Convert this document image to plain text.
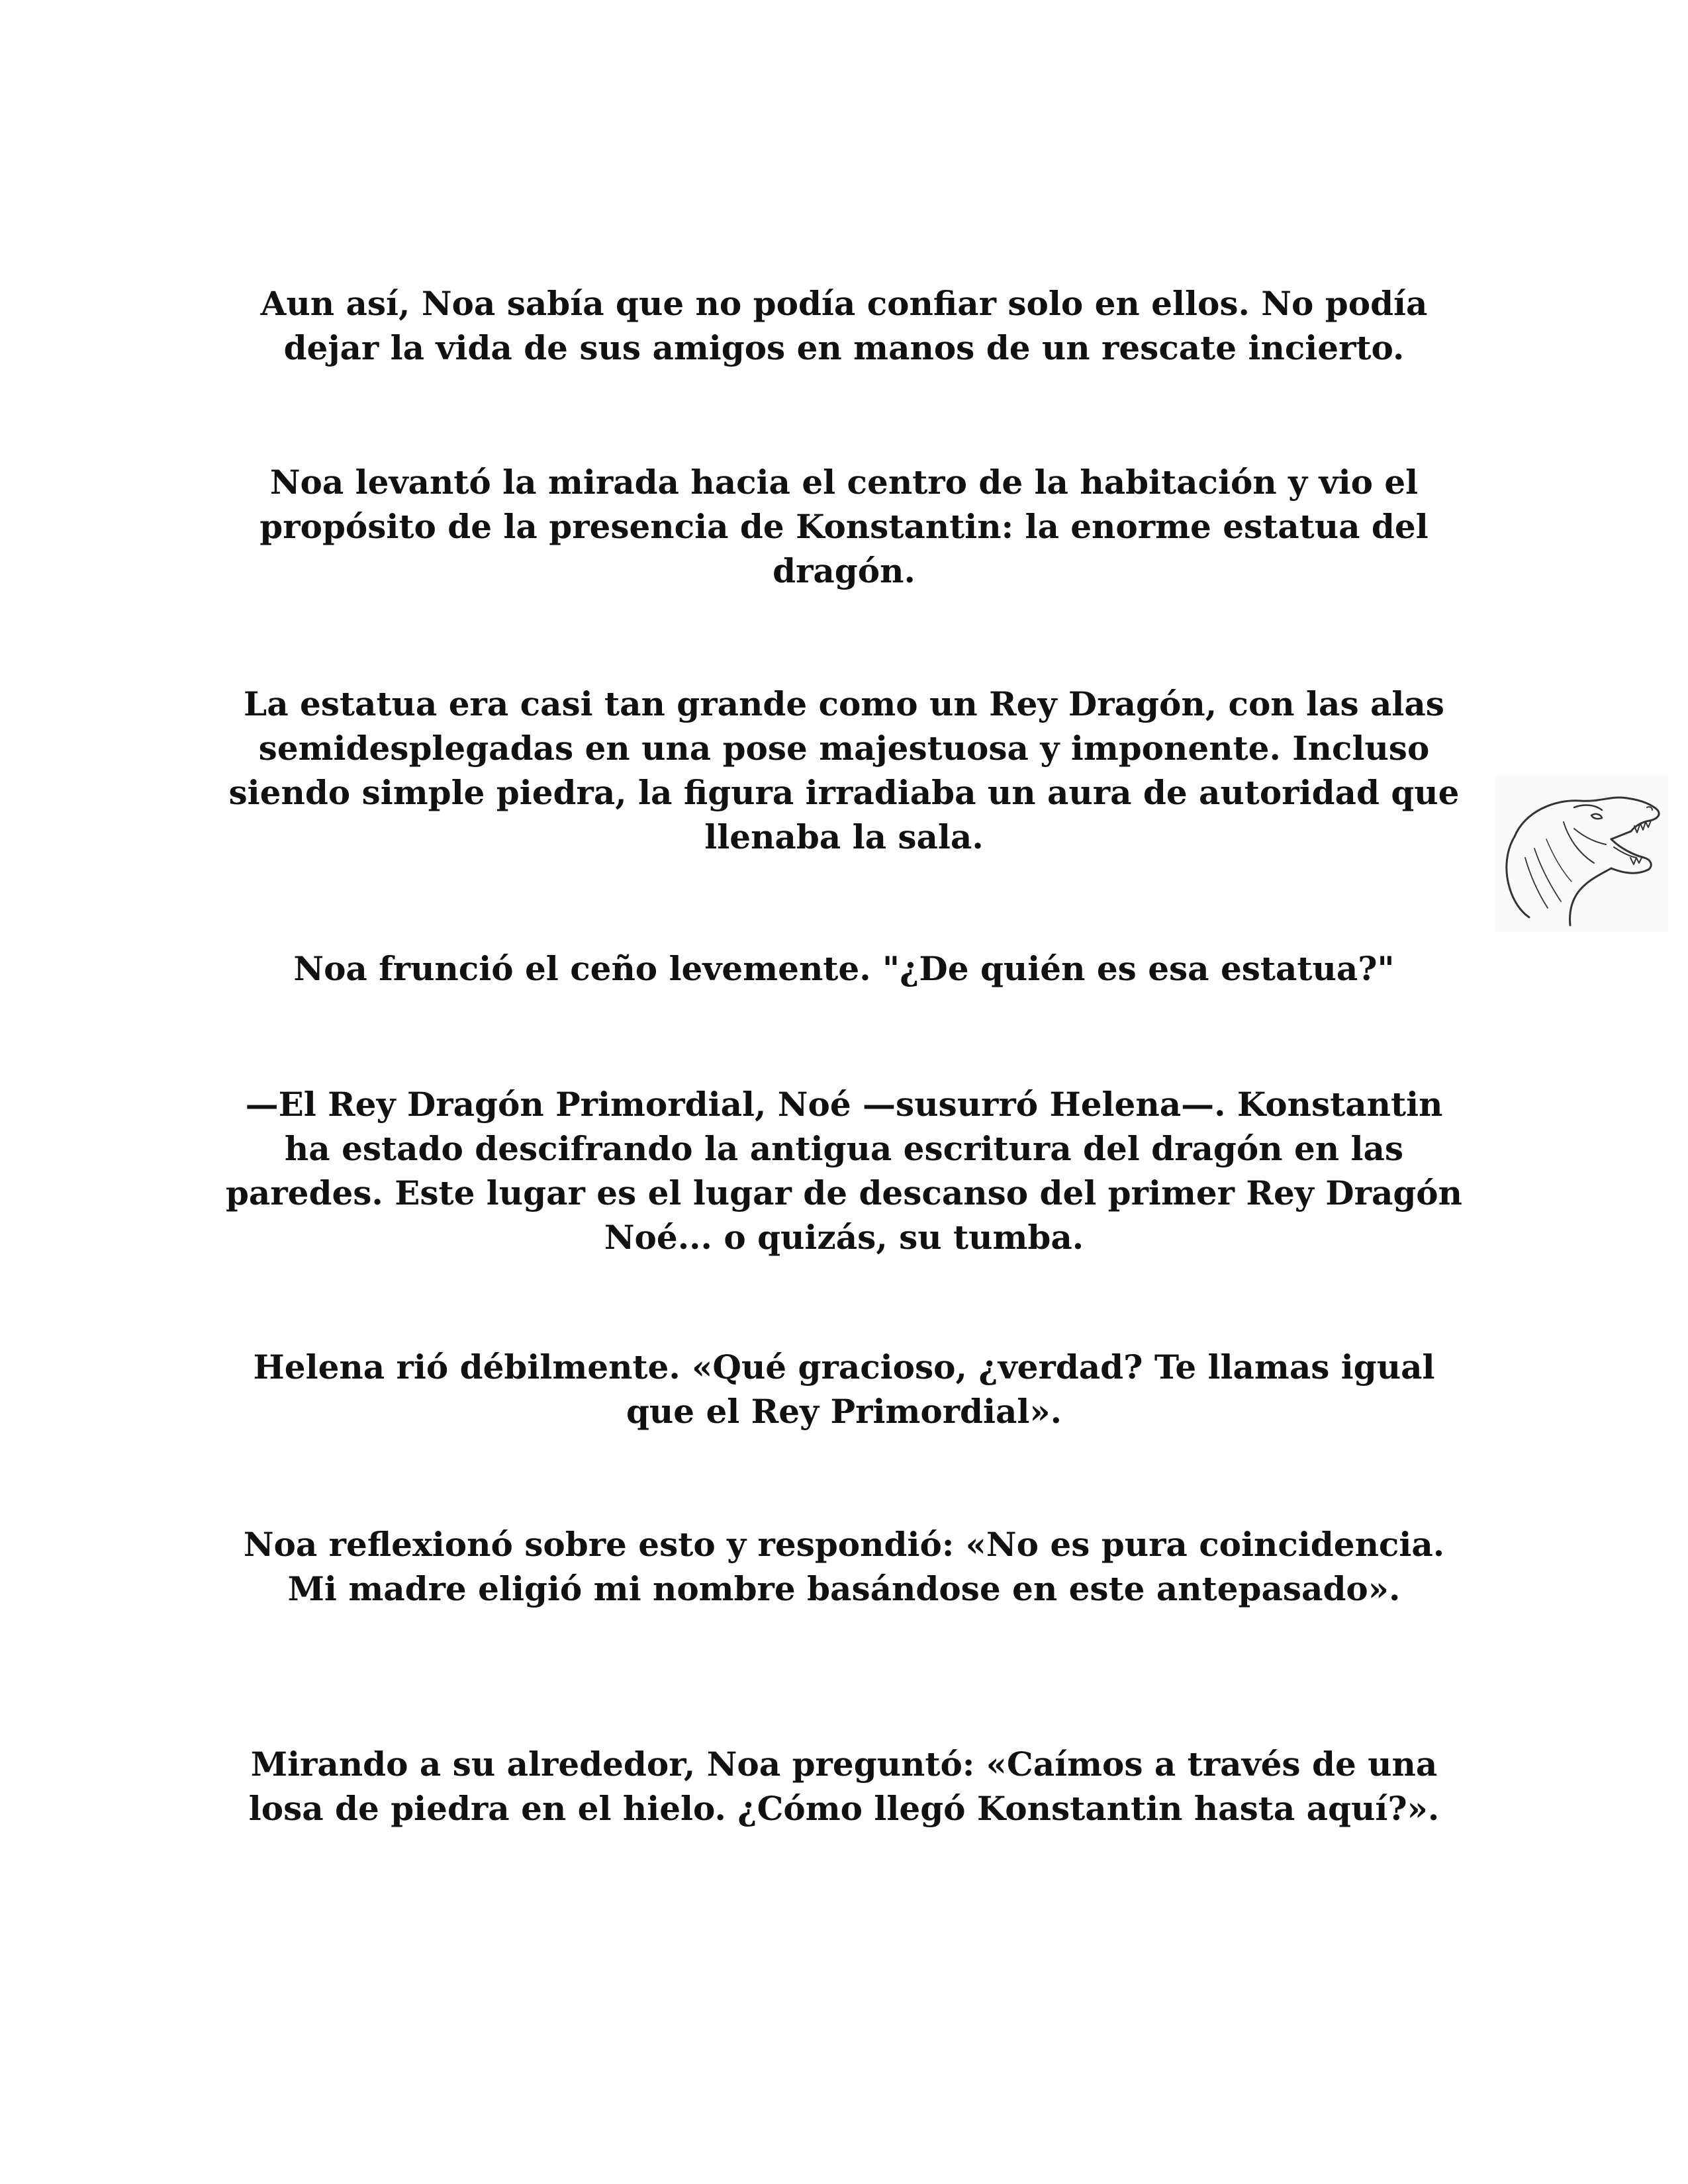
Aun así, Noa sabía que no podía confiar solo en ellos. No podía dejar la vida de sus amigos en manos de un rescate incierto.

Noa levantó la mirada hacia el centro de la habitación y vio el propósito de la presencia de Konstantin: la enorme estatua del dragón.

La estatua era casi tan grande como un Rey Dragón, con las alas semidesplegadas en una pose majestuosa y imponente. Incluso siendo simple piedra, la figura irradiaba un aura de autoridad que llenaba la sala.

Noa frunció el ceño levemente. "¿De quién es esa estatua?"

—El Rey Dragón Primordial, Noé —susurró Helena—. Konstantin ha estado descifrando la antigua escritura del dragón en las paredes. Este lugar es el lugar de descanso del primer Rey Dragón Noé... o quizás, su tumba.

Helena rió débilmente. «Qué gracioso, ¿verdad? Te llamas igual que el Rey Primordial».

Noa reflexionó sobre esto y respondió: «No es pura coincidencia. Mi madre eligió mi nombre basándose en este antepasado».

Mirando a su alrededor, Noa preguntó: «Caímos a través de una losa de piedra en el hielo. ¿Cómo llegó Konstantin hasta aquí?».
